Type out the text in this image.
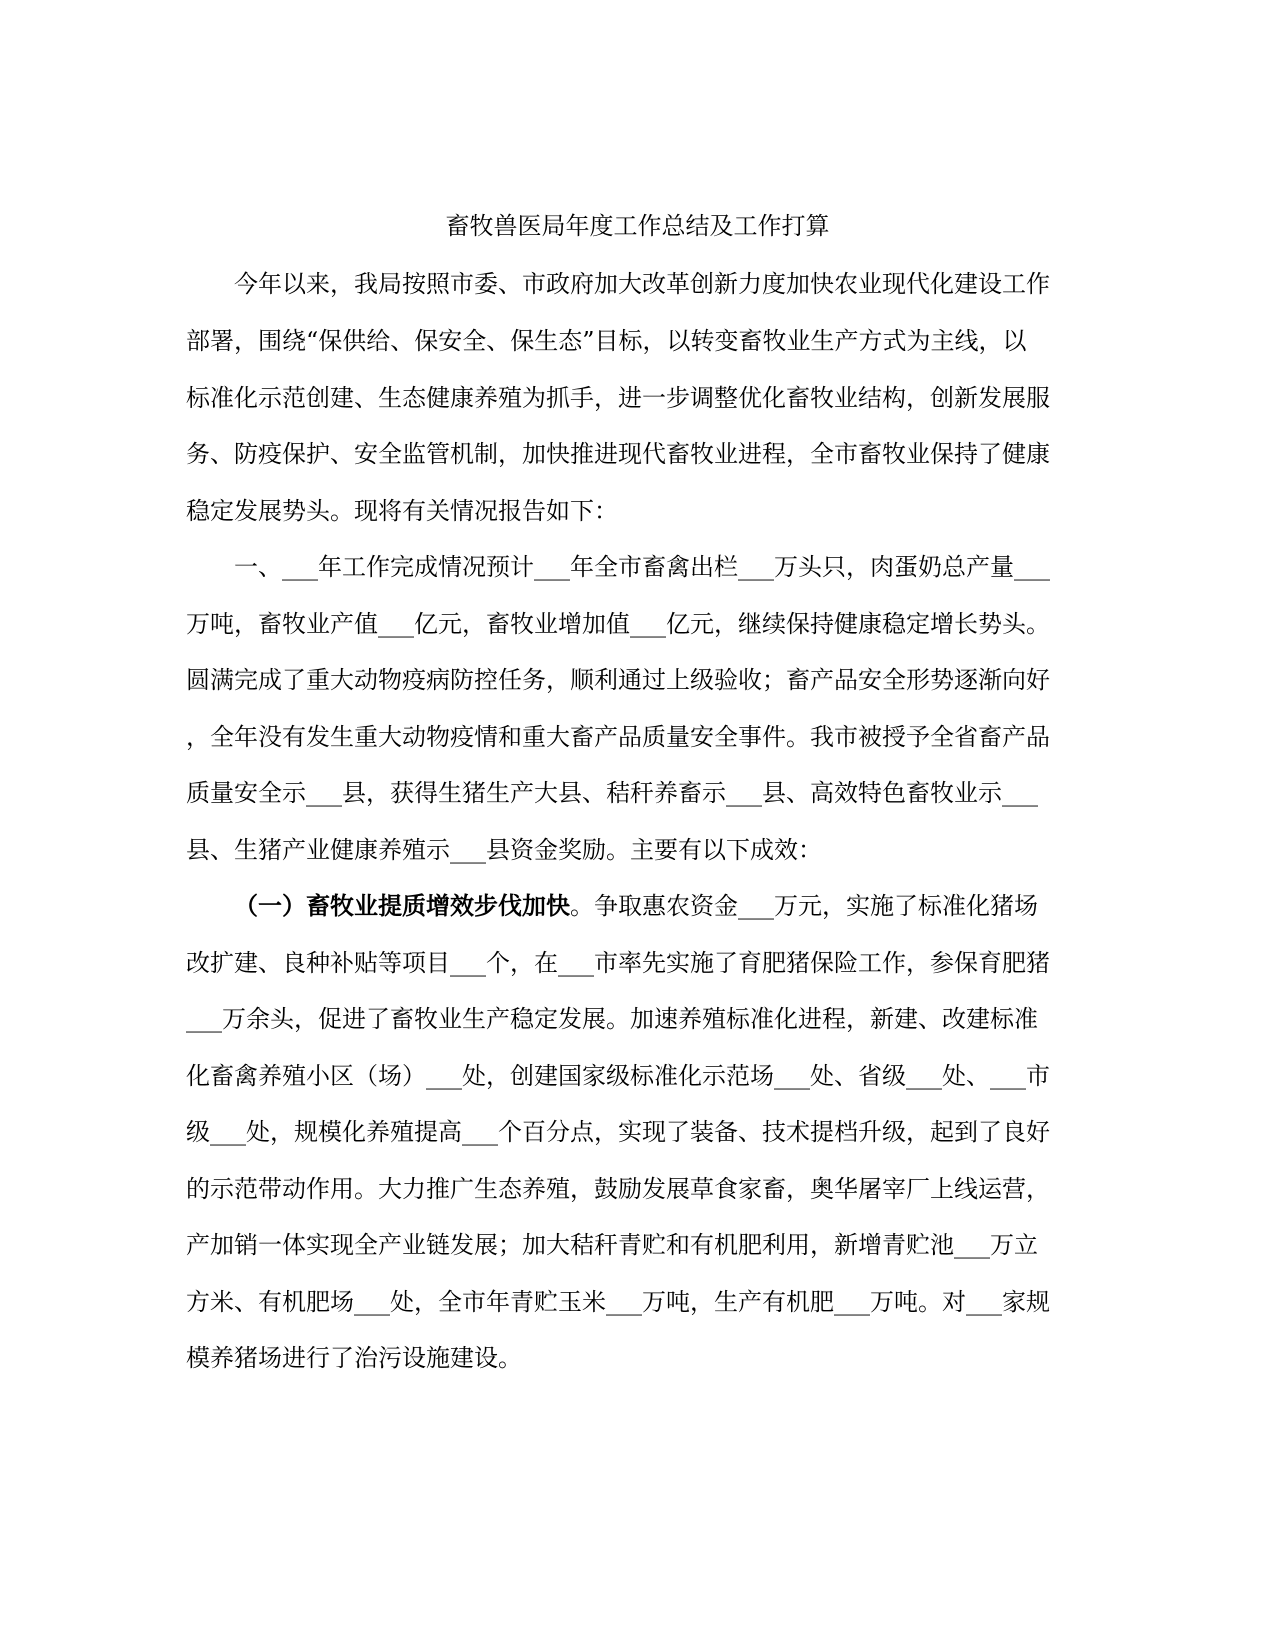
畜牧兽医局年度工作总结及工作打算
今年以来，我局按照市委、市政府加大改革创新力度加快农业现代化建设工作
部署，围绕“保供给、保安全、保生态”目标，以转变畜牧业生产方式为主线，以
标准化示范创建、生态健康养殖为抓手，进一步调整优化畜牧业结构，创新发展服
务、防疫保护、安全监管机制，加快推进现代畜牧业进程，全市畜牧业保持了健康
稳定发展势头。现将有关情况报告如下：
一、___年工作完成情况预计___年全市畜禽出栏___万头只，肉蛋奶总产量___
万吨，畜牧业产值___亿元，畜牧业增加值___亿元，继续保持健康稳定增长势头。
圆满完成了重大动物疫病防控任务，顺利通过上级验收；畜产品安全形势逐渐向好
，全年没有发生重大动物疫情和重大畜产品质量安全事件。我市被授予全省畜产品
质量安全示___县，获得生猪生产大县、秸秆养畜示___县、高效特色畜牧业示___
县、生猪产业健康养殖示___县资金奖励。主要有以下成效：
（一）畜牧业提质增效步伐加快。争取惠农资金___万元，实施了标准化猪场
改扩建、良种补贴等项目___个，在___市率先实施了育肥猪保险工作，参保育肥猪
___万余头，促进了畜牧业生产稳定发展。加速养殖标准化进程，新建、改建标准
化畜禽养殖小区（场）___处，创建国家级标准化示范场___处、省级___处、___市
级___处，规模化养殖提高___个百分点，实现了装备、技术提档升级，起到了良好
的示范带动作用。大力推广生态养殖，鼓励发展草食家畜，奥华屠宰厂上线运营，
产加销一体实现全产业链发展；加大秸秆青贮和有机肥利用，新增青贮池___万立
方米、有机肥场___处，全市年青贮玉米___万吨，生产有机肥___万吨。对___家规
模养猪场进行了治污设施建设。
